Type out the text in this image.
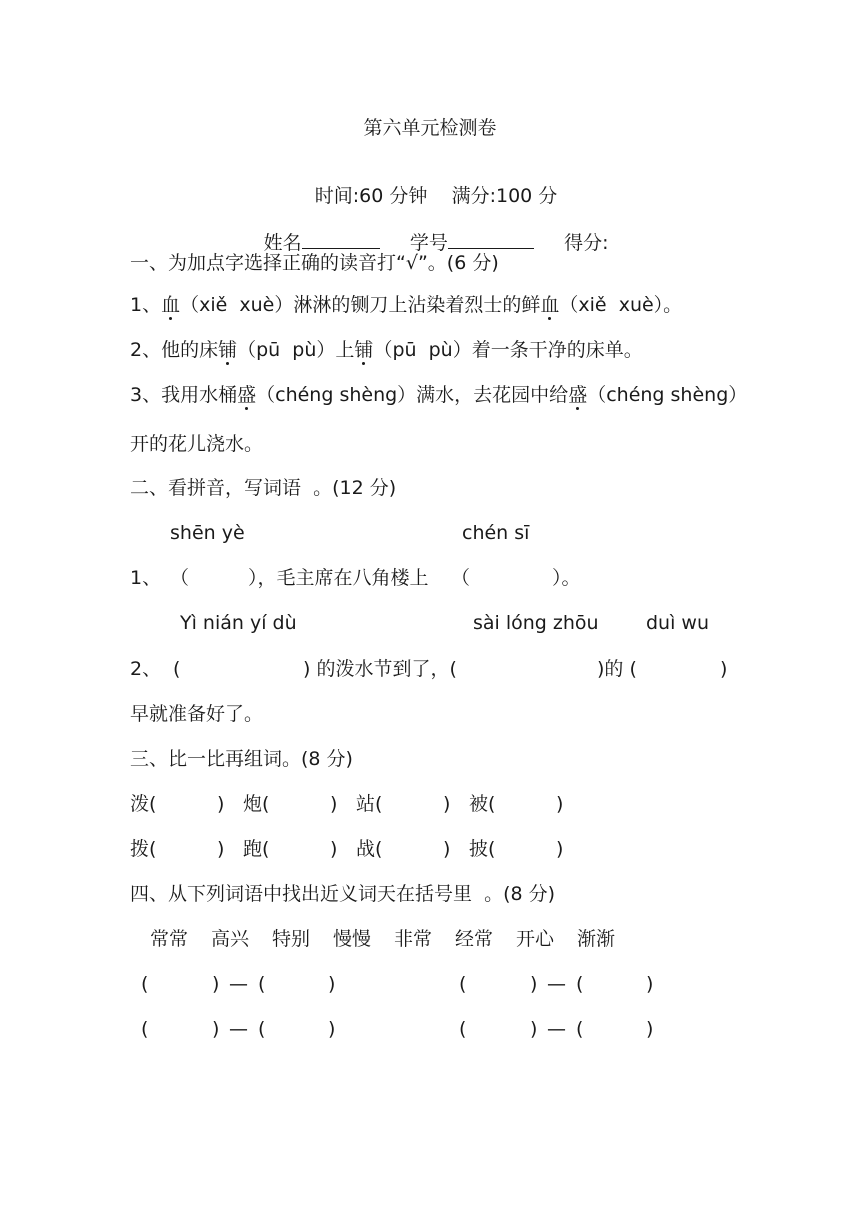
第六单元检测卷

时间:60 分钟 满分:100 分

姓名	学号	得分:

一、为加点字选择正确的读音打“√”。(6 分)
1、血（xiě  xuè）淋淋的铡刀上沾染着烈士的鲜血（xiě  xuè）。
2、他的床铺（pū  pù）上铺（pū  pù）着一条干净的床单。
3、我用水桶盛（chéng shèng）满水，去花园中给盛（chéng shèng）
开的花儿浇水。
二、看拼音，写词语  。(12 分)
shēn yè	chén sī
1、 （	），毛主席在八角楼上 （	）。
Yì nián yí dù	sài lóng zhōu duì wu
2、 (	) 的泼水节到了，(	)的 (	)
早就准备好了。
三、比一比再组词。(8 分)
泼(	) 炮(	) 站(	) 被(	)
拨(	) 跑(	) 战(	) 披(	)
四、从下列词语中找出近义词天在括号里  。(8 分)
常常 高兴 特别 慢慢 非常 经常 开心 渐渐
(	) — (	)	(	) — (	)
(	) — (	)	(	) — (	)
